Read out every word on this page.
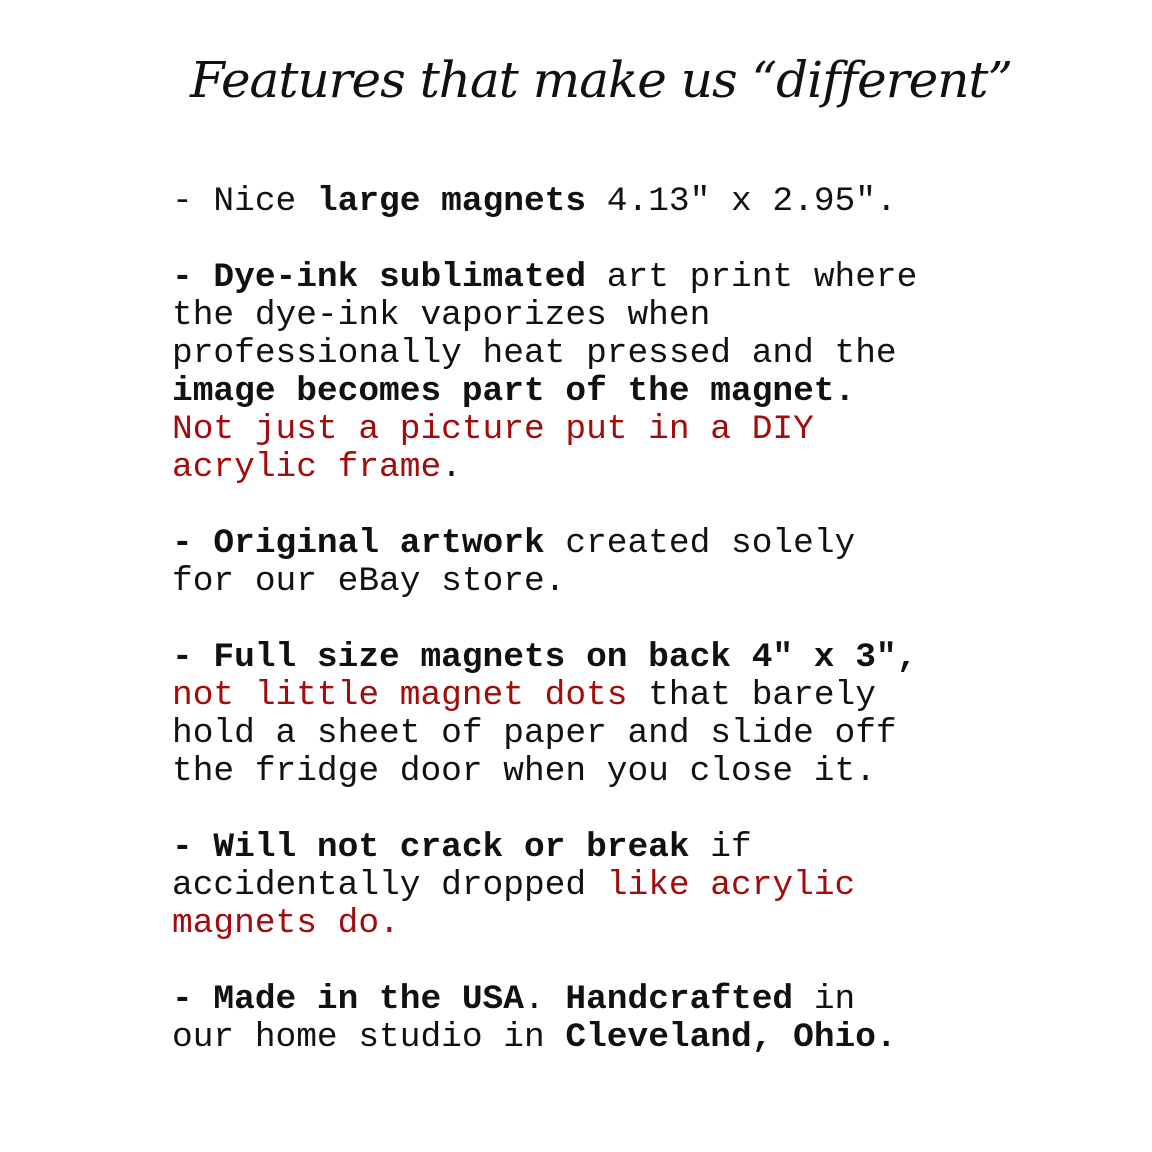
Features that make us “different”

- Nice large magnets 4.13″ x 2.95″.

- Dye-ink sublimated art print where
the dye-ink vaporizes when
professionally heat pressed and the
image becomes part of the magnet.
Not just a picture put in a DIY
acrylic frame.

- Original artwork created solely
for our eBay store.

- Full size magnets on back 4″ x 3″,
not little magnet dots that barely
hold a sheet of paper and slide off
the fridge door when you close it.

- Will not crack or break if
accidentally dropped like acrylic
magnets do.

- Made in the USA. Handcrafted in
our home studio in Cleveland, Ohio.
